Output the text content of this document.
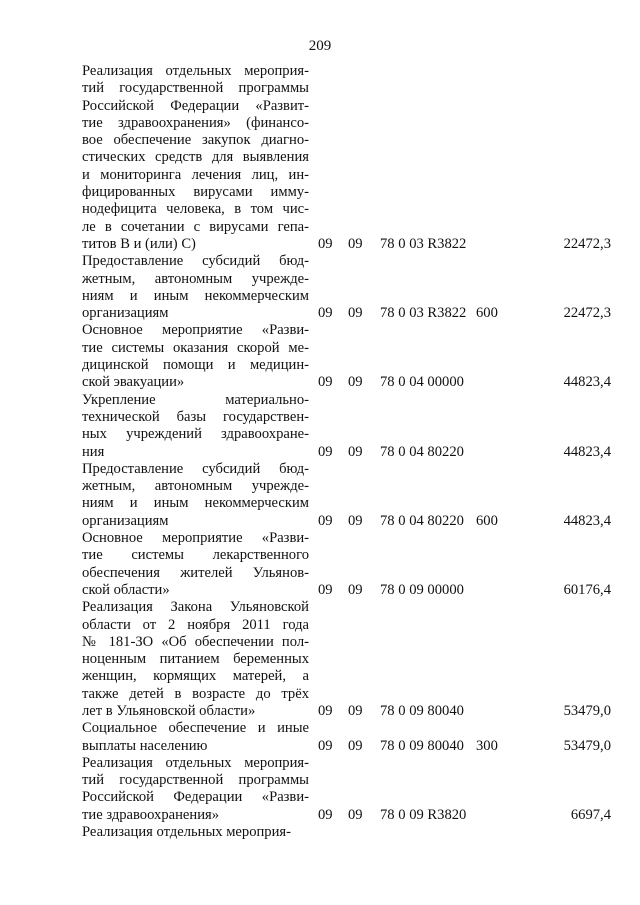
209
Реализация отдельных мероприя-
тий государственной программы
Российской Федерации «Развит-
тие здравоохранения» (финансо-
вое обеспечение закупок диагно-
стических средств для выявления
и мониторинга лечения лиц, ин-
фицированных вирусами имму-
нодефицита человека, в том чис-
ле в сочетании с вирусами гепа-
титов В и (или) С)	09 09 78 0 03 R3822	22472,3
Предоставление субсидий бюд-
жетным, автономным учрежде-
ниям и иным некоммерческим
организациям	09 09 78 0 03 R3822 600	22472,3
Основное мероприятие «Разви-
тие системы оказания скорой ме-
дицинской помощи и медицин-
ской эвакуации»	09 09 78 0 04 00000	44823,4
Укрепление материально-
технической базы государствен-
ных учреждений здравоохране-
ния	09 09 78 0 04 80220	44823,4
Предоставление субсидий бюд-
жетным, автономным учрежде-
ниям и иным некоммерческим
организациям	09 09 78 0 04 80220 600	44823,4
Основное мероприятие «Разви-
тие системы лекарственного
обеспечения жителей Ульянов-
ской области»	09 09 78 0 09 00000	60176,4
Реализация Закона Ульяновской
области от 2 ноября 2011 года
№ 181-ЗО «Об обеспечении пол-
ноценным питанием беременных
женщин, кормящих матерей, а
также детей в возрасте до трёх
лет в Ульяновской области»	09 09 78 0 09 80040	53479,0
Социальное обеспечение и иные
выплаты населению	09 09 78 0 09 80040 300	53479,0
Реализация отдельных мероприя-
тий государственной программы
Российской Федерации «Разви-
тие здравоохранения»	09 09 78 0 09 R3820	6697,4
Реализация отдельных мероприя-
